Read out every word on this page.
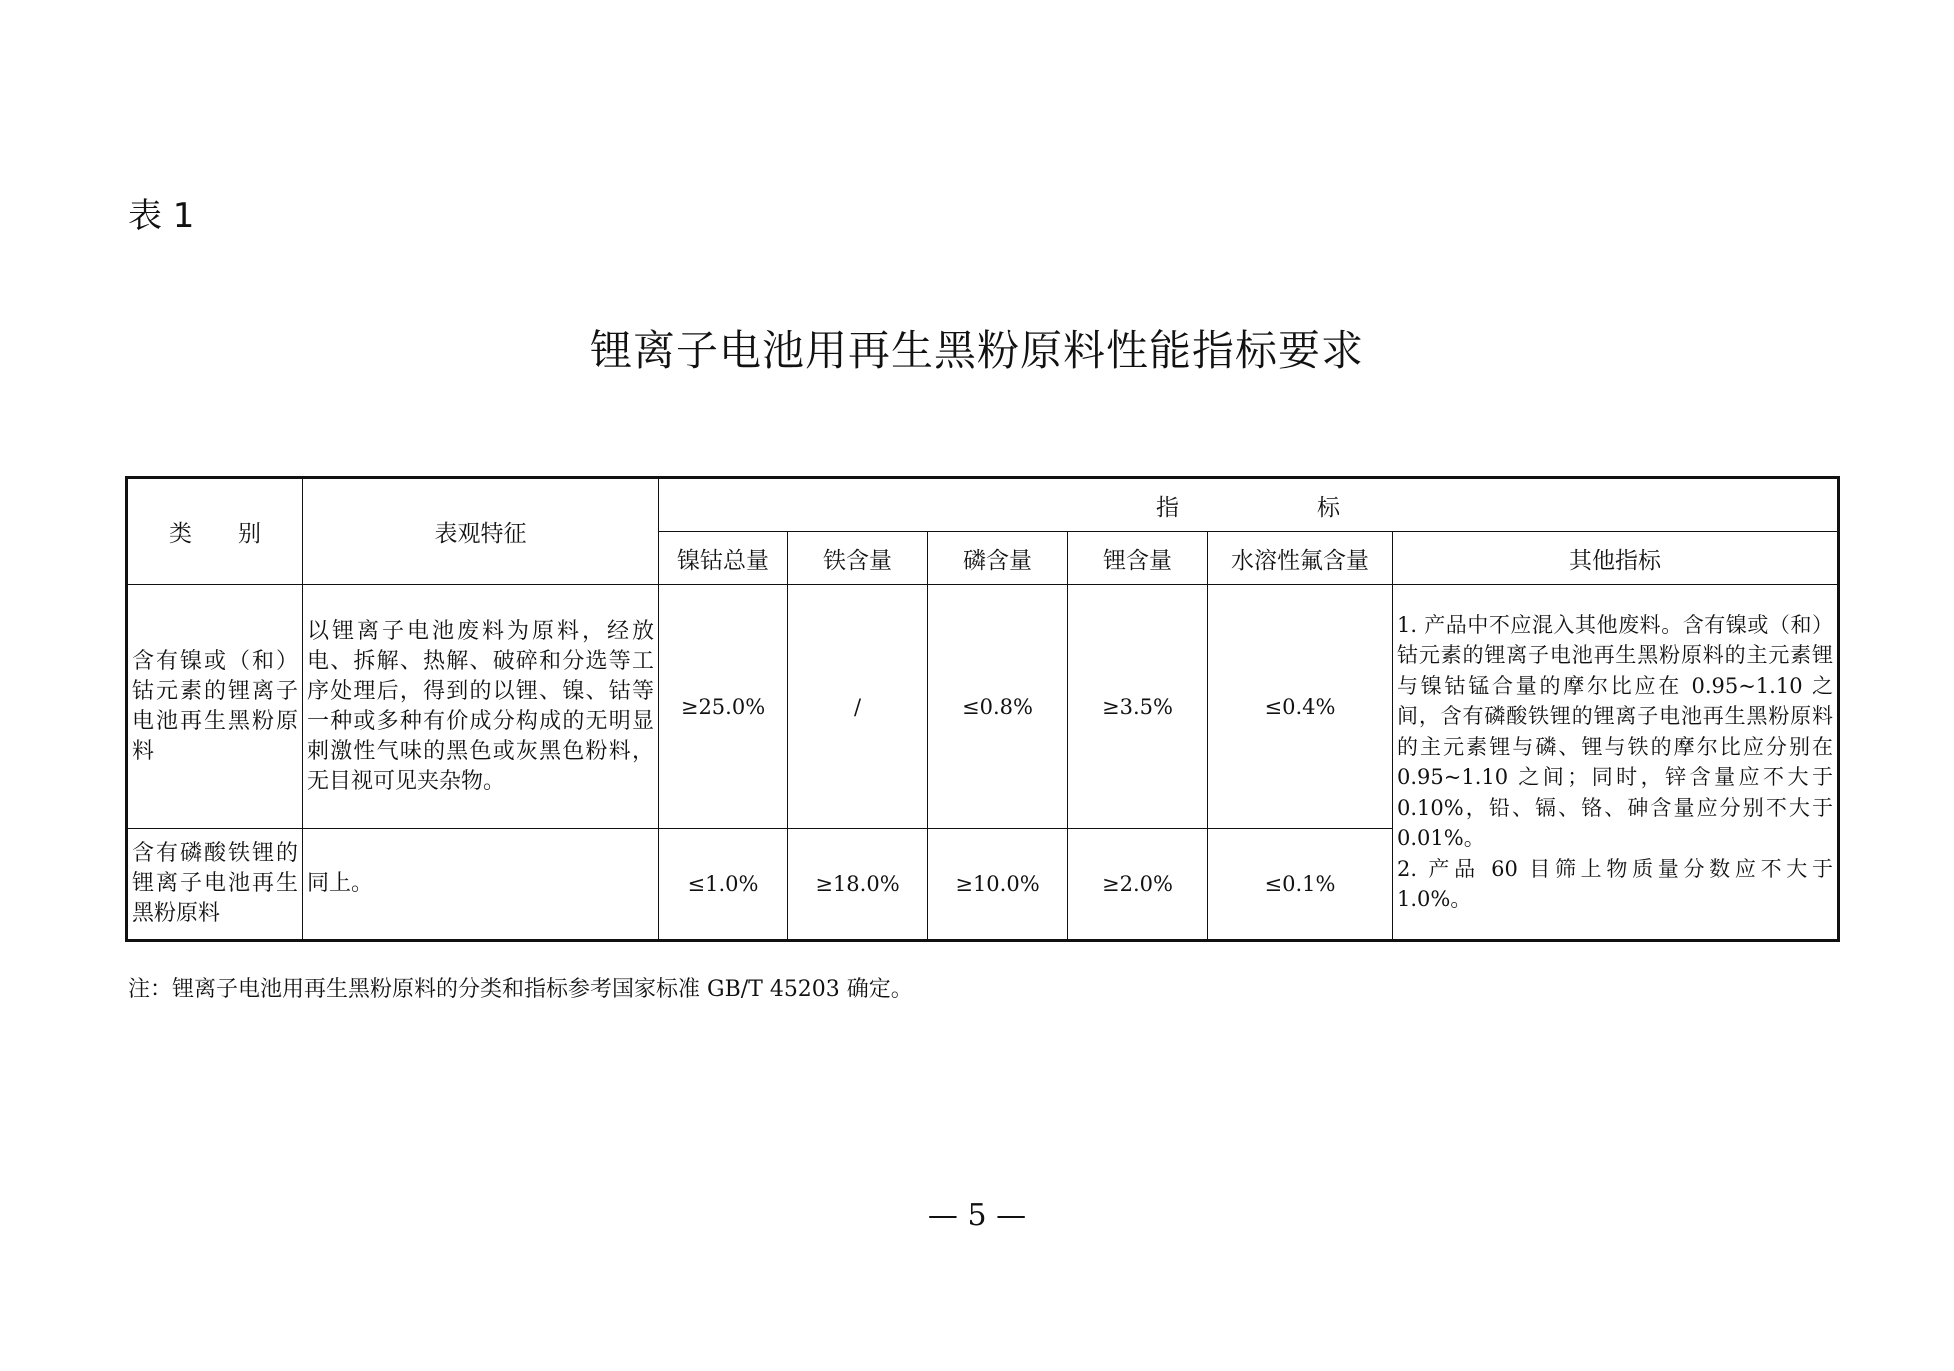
表 1
锂离子电池用再生黑粉原料性能指标要求
类　　别	表观特征	指　　　　　　标					
		镍钴总量	铁含量	磷含量	锂含量	水溶性氟含量	其他指标
含有镍或（和）钴元素的锂离子电池再生黑粉原料	以锂离子电池废料为原料，经放电、拆解、热解、破碎和分选等工序处理后，得到的以锂、镍、钴等一种或多种有价成分构成的无明显刺激性气味的黑色或灰黑色粉料，无目视可见夹杂物。	≥25.0%	/	≤0.8%	≥3.5%	≤0.4%	1. 产品中不应混入其他废料。含有镍或（和）钴元素的锂离子电池再生黑粉原料的主元素锂与镍钴锰合量的摩尔比应在 0.95~1.10 之间，含有磷酸铁锂的锂离子电池再生黑粉原料的主元素锂与磷、锂与铁的摩尔比应分别在 0.95~1.10 之间；同时，锌含量应不大于 0.10%，铅、镉、铬、砷含量应分别不大于 0.01%。
2. 产品 60 目筛上物质量分数应不大于 1.0%。

含有磷酸铁锂的锂离子电池再生黑粉原料	同上。	≤1.0%	≥18.0%	≥10.0%	≥2.0%	≤0.1%	
注：锂离子电池用再生黑粉原料的分类和指标参考国家标准 GB/T 45203 确定。
— 5 —
